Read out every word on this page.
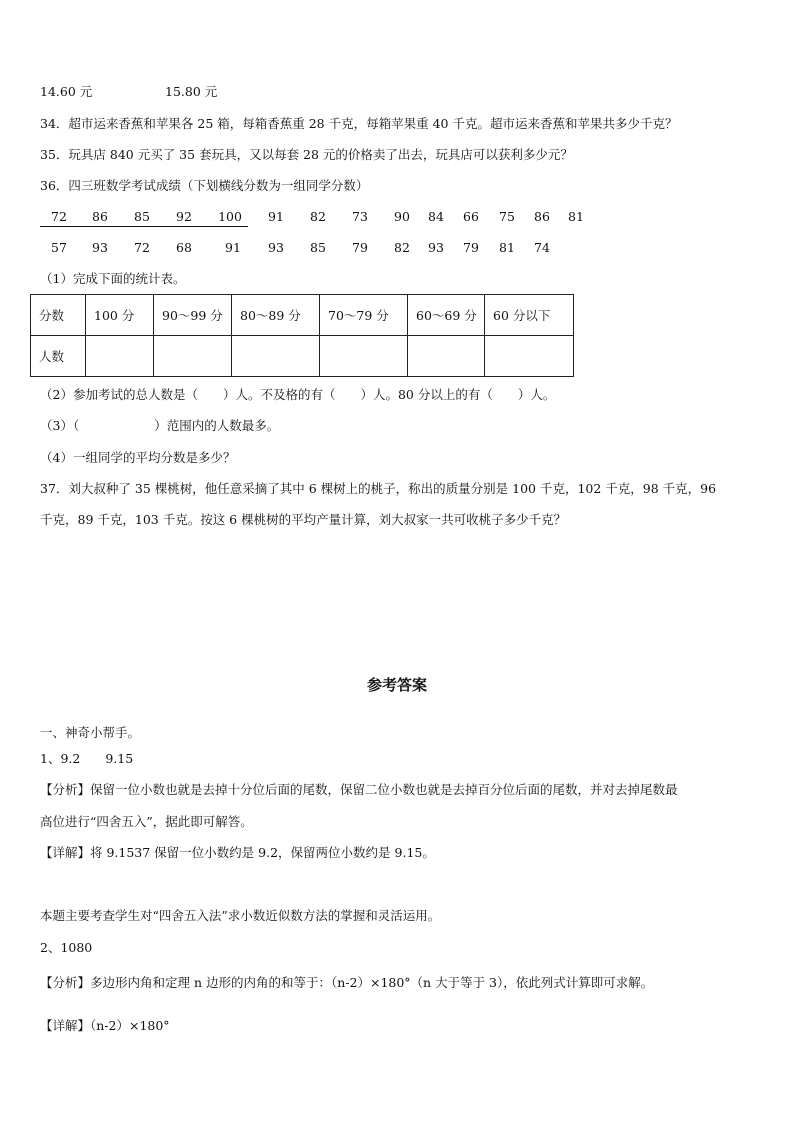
14.60 元	15.80 元
34．超市运来香蕉和苹果各 25 箱，每箱香蕉重 28 千克，每箱苹果重 40 千克。超市运来香蕉和苹果共多少千克？
35．玩具店 840 元买了 35 套玩具，又以每套 28 元的价格卖了出去，玩具店可以获利多少元？
36．四三班数学考试成绩（下划横线分数为一组同学分数）
72 86 85 92 100 91 82 73 90 84 66 75 86 81
57 93 72 68	91 93 85 79 82 93 79 81 74
（1）完成下面的统计表。
分数	100 分	90～99 分	80～89 分	70～79 分	60～69 分	60 分以下
人数						
（2）参加考试的总人数是（　　）人。不及格的有（　　）人。80 分以上的有（　　）人。
（3）（　　　　　　）范围内的人数最多。
（4）一组同学的平均分数是多少？
37．刘大叔种了 35 棵桃树，他任意采摘了其中 6 棵树上的桃子，称出的质量分别是 100 千克，102 千克，98 千克，96
千克，89 千克，103 千克。按这 6 棵桃树的平均产量计算，刘大叔家一共可收桃子多少千克？
参考答案
一、神奇小帮手。
1、9.2　　9.15
【分析】保留一位小数也就是去掉十分位后面的尾数，保留二位小数也就是去掉百分位后面的尾数，并对去掉尾数最
高位进行“四舍五入”，据此即可解答。
【详解】将 9.1537 保留一位小数约是 9.2，保留两位小数约是 9.15。
本题主要考查学生对“四舍五入法”求小数近似数方法的掌握和灵活运用。
2、1080
【分析】多边形内角和定理 n 边形的内角的和等于：（n-2）×180°（n 大于等于 3），依此列式计算即可求解。
【详解】（n-2）×180°
